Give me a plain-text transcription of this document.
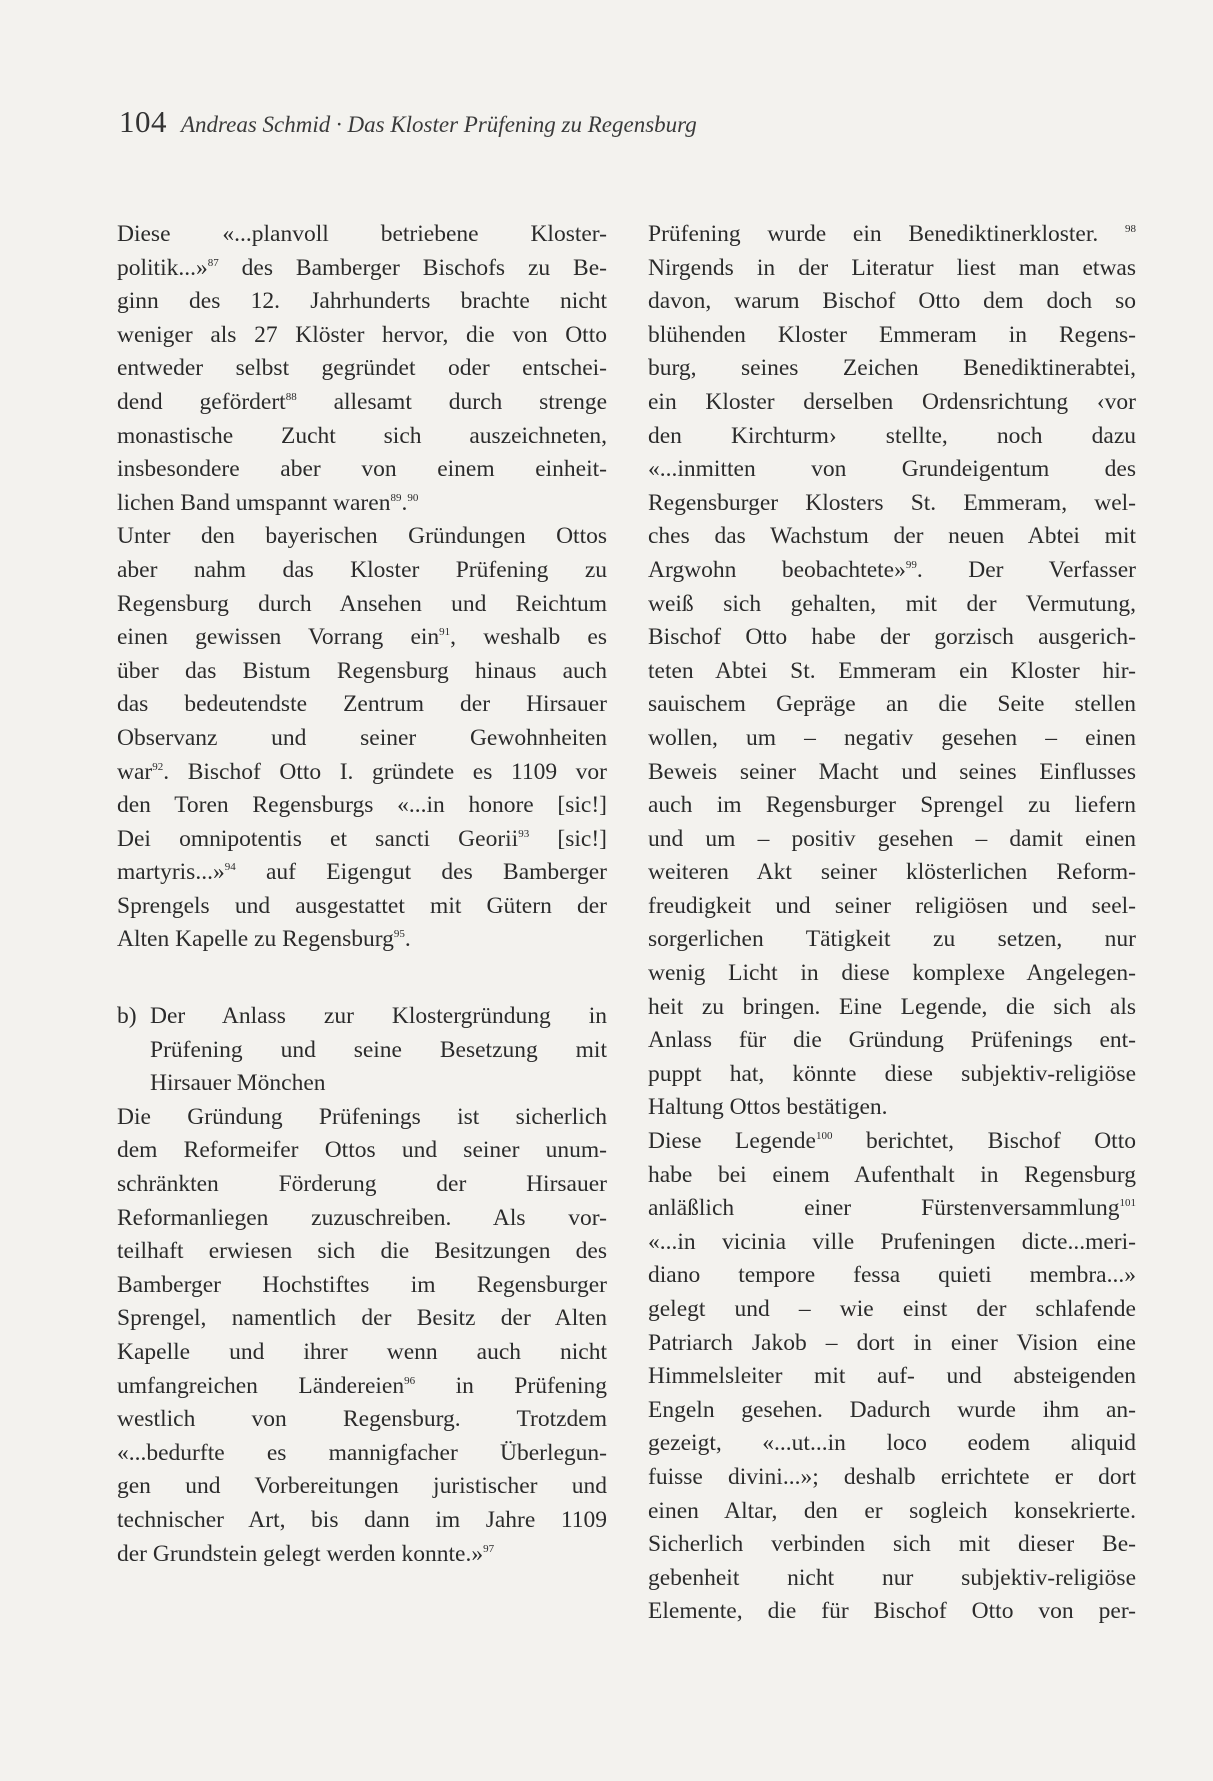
104 Andreas Schmid · Das Kloster Prüfening zu Regensburg
Diese «...planvoll betriebene Kloster-
politik...»$^{87}$ des Bamberger Bischofs zu Be-
ginn des 12. Jahrhunderts brachte nicht
weniger als 27 Klöster hervor, die von Otto
entweder selbst gegründet oder entschei-
dend gefördert$^{88}$ allesamt durch strenge
monastische Zucht sich auszeichneten,
insbesondere aber von einem einheit-
lichen Band umspannt waren$^{89}$.$^{90}$
Unter den bayerischen Gründungen Ottos
aber nahm das Kloster Prüfening zu
Regensburg durch Ansehen und Reichtum
einen gewissen Vorrang ein$^{91}$, weshalb es
über das Bistum Regensburg hinaus auch
das bedeutendste Zentrum der Hirsauer
Observanz und seiner Gewohnheiten
war$^{92}$. Bischof Otto I. gründete es 1109 vor
den Toren Regensburgs «...in honore [sic!]
Dei omnipotentis et sancti Georii$^{93}$ [sic!]
martyris...»$^{94}$ auf Eigengut des Bamberger
Sprengels und ausgestattet mit Gütern der
Alten Kapelle zu Regensburg$^{95}$.
b) Der Anlass zur Klostergründung in
Prüfening und seine Besetzung mit
Hirsauer Mönchen
Die Gründung Prüfenings ist sicherlich
dem Reformeifer Ottos und seiner unum-
schränkten Förderung der Hirsauer
Reformanliegen zuzuschreiben. Als vor-
teilhaft erwiesen sich die Besitzungen des
Bamberger Hochstiftes im Regensburger
Sprengel, namentlich der Besitz der Alten
Kapelle und ihrer wenn auch nicht
umfangreichen Ländereien$^{96}$ in Prüfening
westlich von Regensburg. Trotzdem
«...bedurfte es mannigfacher Überlegun-
gen und Vorbereitungen juristischer und
technischer Art, bis dann im Jahre 1109
der Grundstein gelegt werden konnte.»$^{97}$
Prüfening wurde ein Benediktinerkloster. $^{98}$
Nirgends in der Literatur liest man etwas
davon, warum Bischof Otto dem doch so
blühenden Kloster Emmeram in Regens-
burg, seines Zeichen Benediktinerabtei,
ein Kloster derselben Ordensrichtung ‹vor
den Kirchturm› stellte, noch dazu
«...inmitten von Grundeigentum des
Regensburger Klosters St. Emmeram, wel-
ches das Wachstum der neuen Abtei mit
Argwohn beobachtete»$^{99}$. Der Verfasser
weiß sich gehalten, mit der Vermutung,
Bischof Otto habe der gorzisch ausgerich-
teten Abtei St. Emmeram ein Kloster hir-
sauischem Gepräge an die Seite stellen
wollen, um – negativ gesehen – einen
Beweis seiner Macht und seines Einflusses
auch im Regensburger Sprengel zu liefern
und um – positiv gesehen – damit einen
weiteren Akt seiner klösterlichen Reform-
freudigkeit und seiner religiösen und seel-
sorgerlichen Tätigkeit zu setzen, nur
wenig Licht in diese komplexe Angelegen-
heit zu bringen. Eine Legende, die sich als
Anlass für die Gründung Prüfenings ent-
puppt hat, könnte diese subjektiv-religiöse
Haltung Ottos bestätigen.
Diese Legende$^{100}$ berichtet, Bischof Otto
habe bei einem Aufenthalt in Regensburg
anläßlich einer Fürstenversammlung$^{101}$
«...in vicinia ville Prufeningen dicte...meri-
diano tempore fessa quieti membra...»
gelegt und – wie einst der schlafende
Patriarch Jakob – dort in einer Vision eine
Himmelsleiter mit auf- und absteigenden
Engeln gesehen. Dadurch wurde ihm an-
gezeigt, «...ut...in loco eodem aliquid
fuisse divini...»; deshalb errichtete er dort
einen Altar, den er sogleich konsekrierte.
Sicherlich verbinden sich mit dieser Be-
gebenheit nicht nur subjektiv-religiöse
Elemente, die für Bischof Otto von per-
